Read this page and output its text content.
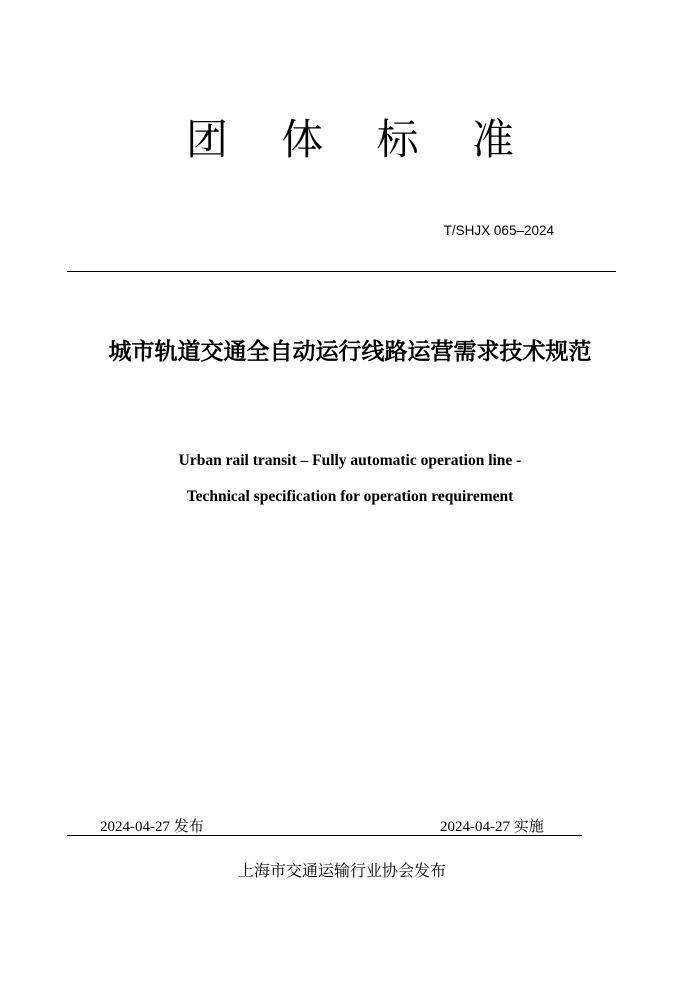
团 体 标 准
T/SHJX 065–2024
城市轨道交通全自动运行线路运营需求技术规范
Urban rail transit – Fully automatic operation line -
Technical specification for operation requirement
2024-04-27 发布	2024-04-27 实施
上海市交通运输行业协会发布
